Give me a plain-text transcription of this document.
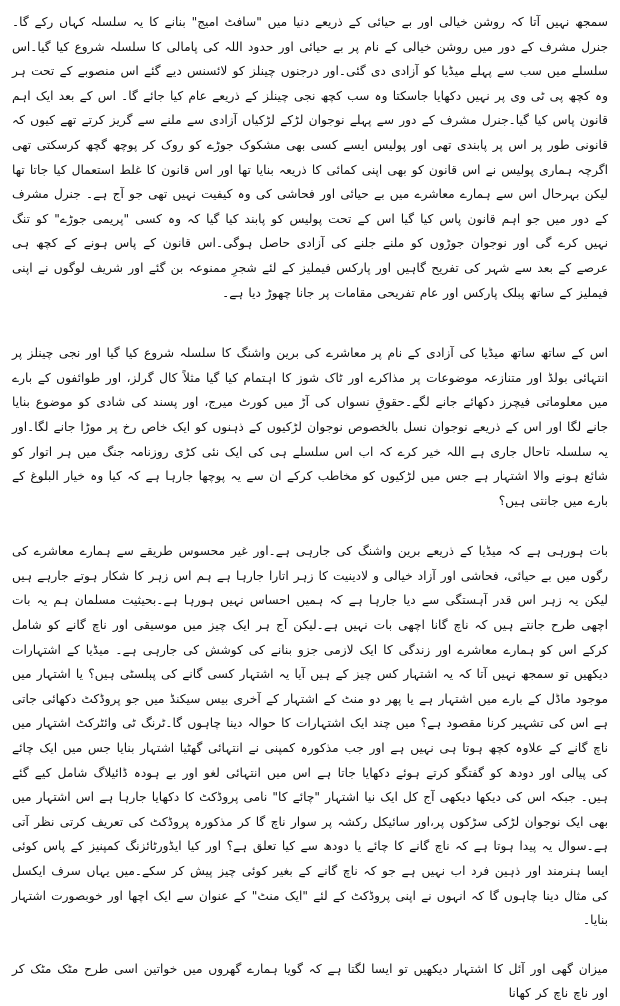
سمجھ نہیں آتا کہ روشن خیالی اور بے حیائی کے ذریعے دنیا میں "سافٹ امیج" بنانے کا یہ سلسلہ کہاں رکے گا۔جنرل مشرف کے دور میں روشن خیالی کے نام پر بے حیائی اور حدود اللہ کی پامالی کا سلسلہ شروع کیا گیا۔اس سلسلے میں سب سے پہلے میڈیا کو آزادی دی گئی۔اور درجنوں چینلز کو لائسنس دیے گئے اس منصوبے کے تحت ہر وہ کچھ پی ٹی وی پر نہیں دکھایا جاسکتا وہ سب کچھ نجی چینلز کے ذریعے عام کیا جائے گا۔ اس کے بعد ایک اہم قانون پاس کیا گیا۔جنرل مشرف کے دور سے پہلے نوجوان لڑکے لڑکیاں آزادی سے ملنے سے گریز کرتے تھے کیوں کہ قانونی طور پر اس پر پابندی تھی اور پولیس ایسے کسی بھی مشکوک جوڑے کو روک کر پوچھ گچھ کرسکتی تھی اگرچہ ہماری پولیس نے اس قانون کو بھی اپنی کمائی کا ذریعہ بنایا تھا اور اس قانون کا غلط استعمال کیا جاتا تھا لیکن بہرحال اس سے ہمارے معاشرے میں بے حیائی اور فحاشی کی وہ کیفیت نہیں تھی جو آج ہے۔ جنرل مشرف کے دور میں جو اہم قانون پاس کیا گیا اس کے تحت پولیس کو پابند کیا گیا کہ وہ کسی "پریمی جوڑے" کو تنگ نہیں کرے گی اور نوجوان جوڑوں کو ملنے جلنے کی آزادی حاصل ہوگی۔اس قانون کے پاس ہونے کے کچھ ہی عرصے کے بعد سے شہر کی تفریح گاہیں اور پارکس فیملیز کے لئے شجرِ ممنوعہ بن گئے اور شریف لوگوں نے اپنی فیملیز کے ساتھ پبلک پارکس اور عام تفریحی مقامات پر جانا چھوڑ دیا ہے۔

اس کے ساتھ ساتھ میڈیا کی آزادی کے نام پر معاشرے کی برین واشنگ کا سلسلہ شروع کیا گیا اور نجی چینلز پر انتہائی بولڈ اور متنازعہ موضوعات پر مذاکرے اور ٹاک شوز کا اہتمام کیا گیا مثلاً کال گرلز، اور طوائفوں کے بارے میں معلوماتی فیچرز دکھائے جانے لگے۔حقوقِ نسواں کی آڑ میں کورٹ میرج، اور پسند کی شادی کو موضوع بنایا جانے لگا اور اس کے ذریعے نوجوان نسل بالخصوص نوجوان لڑکیوں کے ذہنوں کو ایک خاص رخ پر موڑا جانے لگا۔اور یہ سلسلہ تاحال جاری ہے اللہ خیر کرے کہ اب اس سلسلے ہی کی ایک نئی کڑی روزنامہ جنگ میں ہر اتوار کو شائع ہونے والا اشتہار ہے جس میں لڑکیوں کو مخاطب کرکے ان سے یہ پوچھا جارہا ہے کہ کیا وہ خیار البلوغ کے بارے میں جانتی ہیں؟

بات ہورہی ہے کہ میڈیا کے ذریعے برین واشنگ کی جارہی ہے۔اور غیر محسوس طریقے سے ہمارے معاشرے کی رگوں میں بے حیائی، فحاشی اور آزاد خیالی و لادینیت کا زہر اتارا جارہا ہے ہم اس زہر کا شکار ہوتے جارہے ہیں لیکن یہ زہر اس قدر آہستگی سے دیا جارہا ہے کہ ہمیں احساس نہیں ہورہا ہے۔بحیثیت مسلمان ہم یہ بات اچھی طرح جانتے ہیں کہ ناچ گانا اچھی بات نہیں ہے۔لیکن آج ہر ایک چیز میں موسیقی اور ناچ گانے کو شامل کرکے اس کو ہمارے معاشرے اور زندگی کا ایک لازمی جزو بنانے کی کوشش کی جارہی ہے۔ میڈیا کے اشتہارات دیکھیں تو سمجھ نہیں آتا کہ یہ اشتہار کس چیز کے ہیں آیا یہ اشتہار کسی گانے کی پبلسٹی ہیں؟ یا اشتہار میں موجود ماڈل کے بارے میں اشتہار ہے یا پھر دو منٹ کے اشتہار کے آخری بیس سیکنڈ میں جو پروڈکٹ دکھائی جاتی ہے اس کی تشہیر کرنا مقصود ہے؟ میں چند ایک اشتہارات کا حوالہ دینا چاہوں گا۔ٹرنگ ٹی وائٹرکٹ اشتہار میں ناچ گانے کے علاوہ کچھ ہوتا ہی نہیں ہے اور جب مذکورہ کمپنی نے انتہائی گھٹیا اشتہار بنایا جس میں ایک چائے کی پیالی اور دودھ کو گفتگو کرتے ہوئے دکھایا جاتا ہے اس میں انتہائی لغو اور بے ہودہ ڈائیلاگ شامل کیے گئے ہیں۔ جبکہ اس کی دیکھا دیکھی آج کل ایک نیا اشتہار "چائے کا" نامی پروڈکٹ کا دکھایا جارہا ہے اس اشتہار میں بھی ایک نوجوان لڑکی سڑکوں پر،اور سائیکل رکشہ پر سوار ناچ گا کر مذکورہ پروڈکٹ کی تعریف کرتی نظر آتی ہے۔سوال یہ پیدا ہوتا ہے کہ ناچ گانے کا چائے یا دودھ سے کیا تعلق ہے؟ اور کیا ایڈورٹائزنگ کمپنیز کے پاس کوئی ایسا ہنرمند اور ذہین فرد اب نہیں ہے جو کہ ناچ گانے کے بغیر کوئی چیز پیش کر سکے۔میں یہاں سرف ایکسل کی مثال دینا چاہوں گا کہ انہوں نے اپنی پروڈکٹ کے لئے "ایک منٹ" کے عنوان سے ایک اچھا اور خوبصورت اشتہار بنایا۔

میزان گھی اور آئل کا اشتہار دیکھیں تو ایسا لگتا ہے کہ گویا ہمارے گھروں میں خواتین اسی طرح مٹک مٹک کر اور ناچ ناچ کر کھانا
